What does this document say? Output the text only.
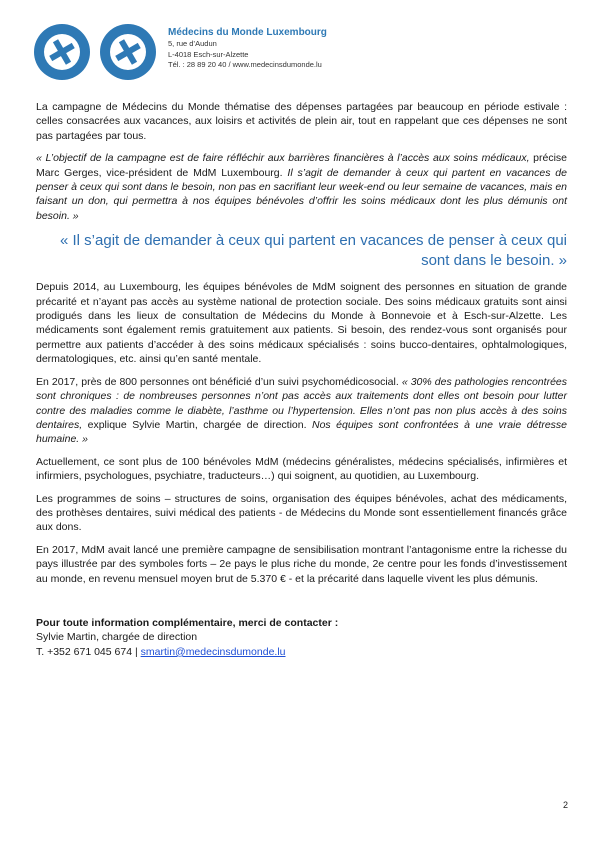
Médecins du Monde Luxembourg
5, rue d’Audun
L-4018 Esch-sur-Alzette
Tél. : 28 89 20 40 / www.medecinsdumonde.lu

La campagne de Médecins du Monde thématise des dépenses partagées par beaucoup en période estivale : celles consacrées aux vacances, aux loisirs et activités de plein air, tout en rappelant que ces dépenses ne sont pas partagées par tous.

« L’objectif de la campagne est de faire réfléchir aux barrières financières à l’accès aux soins médicaux, précise Marc Gerges, vice-président de MdM Luxembourg. Il s’agit de demander à ceux qui partent en vacances de penser à ceux qui sont dans le besoin, non pas en sacrifiant leur week-end ou leur semaine de vacances, mais en faisant un don, qui permettra à nos équipes bénévoles d’offrir les soins médicaux dont les plus démunis ont besoin. »

« Il s’agit de demander à ceux qui partent en vacances de penser à ceux qui sont dans le besoin. »

Depuis 2014, au Luxembourg, les équipes bénévoles de MdM soignent des personnes en situation de grande précarité et n’ayant pas accès au système national de protection sociale. Des soins médicaux gratuits sont ainsi prodigués dans les lieux de consultation de Médecins du Monde à Bonnevoie et à Esch-sur-Alzette. Les médicaments sont également remis gratuitement aux patients. Si besoin, des rendez-vous sont organisés pour permettre aux patients d’accéder à des soins médicaux spécialisés : soins bucco-dentaires, ophtalmologiques, dermatologiques, etc. ainsi qu’en santé mentale.

En 2017, près de 800 personnes ont bénéficié d’un suivi psychomédicosocial. « 30% des pathologies rencontrées sont chroniques : de nombreuses personnes n’ont pas accès aux traitements dont elles ont besoin pour lutter contre des maladies comme le diabète, l’asthme ou l’hypertension. Elles n’ont pas non plus accès à des soins dentaires, explique Sylvie Martin, chargée de direction. Nos équipes sont confrontées à une vraie détresse humaine. »

Actuellement, ce sont plus de 100 bénévoles MdM (médecins généralistes, médecins spécialisés, infirmières et infirmiers, psychologues, psychiatre, traducteurs…) qui soignent, au quotidien, au Luxembourg.

Les programmes de soins – structures de soins, organisation des équipes bénévoles, achat des médicaments, des prothèses dentaires, suivi médical des patients - de Médecins du Monde sont essentiellement financés grâce aux dons.

En 2017, MdM avait lancé une première campagne de sensibilisation montrant l’antagonisme entre la richesse du pays illustrée par des symboles forts – 2e pays le plus riche du monde, 2e centre pour les fonds d’investissement au monde, en revenu mensuel moyen brut de 5.370 € - et la précarité dans laquelle vivent les plus démunis.

Pour toute information complémentaire, merci de contacter :
Sylvie Martin, chargée de direction
T. +352 671 045 674 | smartin@medecinsdumonde.lu
2
